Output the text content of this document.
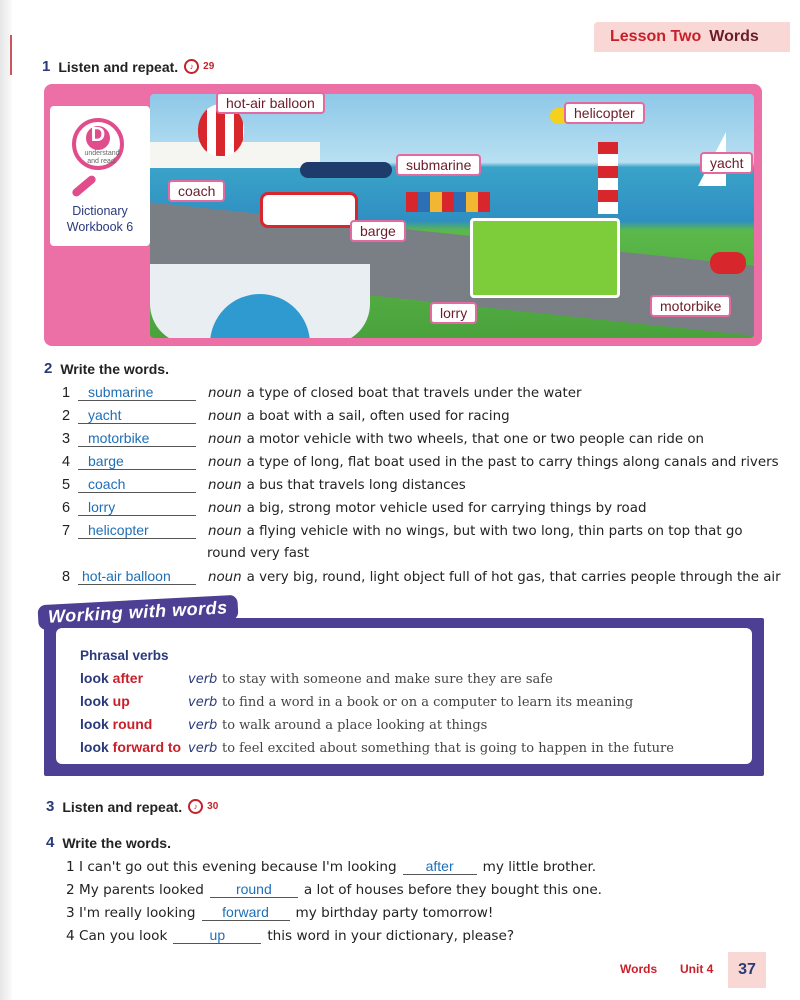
Lesson Two Words
1 Listen and repeat.	♪ 29
D
understand and read.
Dictionary
Workbook 6
hot-air balloon
helicopter
submarine	yacht
coach
barge
lorry	motorbike
2 Write the words.
1	submarine	noun a type of closed boat that travels under the water
2	yacht	noun a boat with a sail, often used for racing
3	motorbike	noun a motor vehicle with two wheels, that one or two people can ride on
4	barge	noun a type of long, flat boat used in the past to carry things along canals and rivers
5	coach	noun a bus that travels long distances
6	lorry	noun a big, strong motor vehicle used for carrying things by road
7	helicopter	noun a flying vehicle with no wings, but with two long, thin parts on top that go
round very fast
8 hot-air balloon	noun a very big, round, light object full of hot gas, that carries people through the air
Working with words
Phrasal verbs
look after	verb to stay with someone and make sure they are safe
look up	verb to find a word in a book or on a computer to learn its meaning
look round	verb to walk around a place looking at things
look forward to verb to feel excited about something that is going to happen in the future
3 Listen and repeat.	♪ 30
4 Write the words.
1
I can't go out this evening because I'm looking	after	my little brother.
2
My parents looked	round	a lot of houses before they bought this one.
3
I'm really looking	forward	my birthday party tomorrow!
4
Can you look	up	this word in your dictionary, please?
Words Unit 4	37
